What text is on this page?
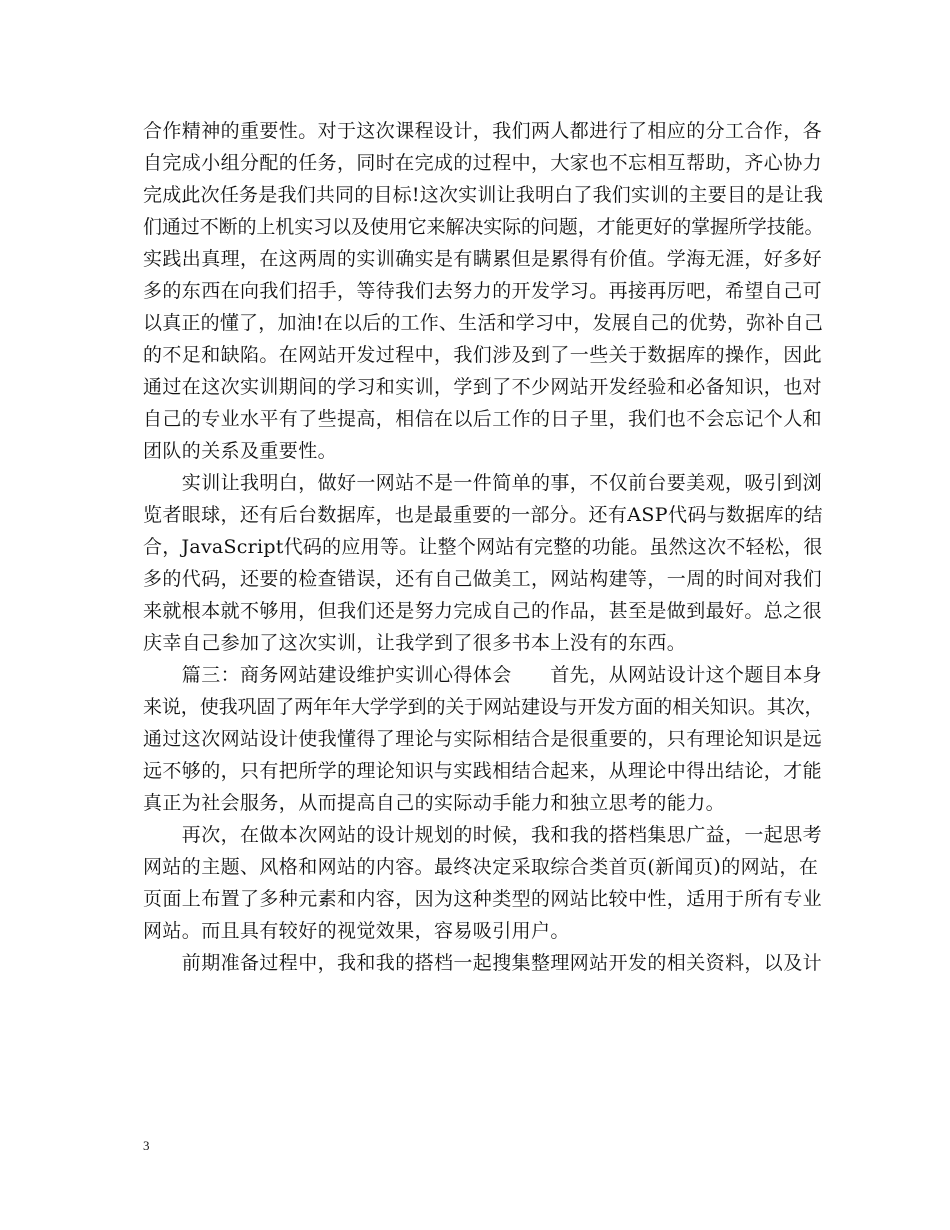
合作精神的重要性。对于这次课程设计，我们两人都进行了相应的分工合作，各
自完成小组分配的任务，同时在完成的过程中，大家也不忘相互帮助，齐心协力
完成此次任务是我们共同的目标!这次实训让我明白了我们实训的主要目的是让我
们通过不断的上机实习以及使用它来解决实际的问题，才能更好的掌握所学技能。
实践出真理，在这两周的实训确实是有瞒累但是累得有价值。学海无涯，好多好
多的东西在向我们招手，等待我们去努力的开发学习。再接再厉吧，希望自己可
以真正的懂了，加油!在以后的工作、生活和学习中，发展自己的优势，弥补自己
的不足和缺陷。在网站开发过程中，我们涉及到了一些关于数据库的操作，因此
通过在这次实训期间的学习和实训，学到了不少网站开发经验和必备知识，也对
自己的专业水平有了些提高，相信在以后工作的日子里，我们也不会忘记个人和
团队的关系及重要性。
　　实训让我明白，做好一网站不是一件简单的事，不仅前台要美观，吸引到浏
览者眼球，还有后台数据库，也是最重要的一部分。还有ASP代码与数据库的结
合，JavaScript代码的应用等。让整个网站有完整的功能。虽然这次不轻松，很
多的代码，还要的检查错误，还有自己做美工，网站构建等，一周的时间对我们
来就根本就不够用，但我们还是努力完成自己的作品，甚至是做到最好。总之很
庆幸自己参加了这次实训，让我学到了很多书本上没有的东西。
　　篇三：商务网站建设维护实训心得体会　　首先，从网站设计这个题目本身
来说，使我巩固了两年年大学学到的关于网站建设与开发方面的相关知识。其次，
通过这次网站设计使我懂得了理论与实际相结合是很重要的，只有理论知识是远
远不够的，只有把所学的理论知识与实践相结合起来，从理论中得出结论，才能
真正为社会服务，从而提高自己的实际动手能力和独立思考的能力。
　　再次，在做本次网站的设计规划的时候，我和我的搭档集思广益，一起思考
网站的主题、风格和网站的内容。最终决定采取综合类首页(新闻页)的网站，在
页面上布置了多种元素和内容，因为这种类型的网站比较中性，适用于所有专业
网站。而且具有较好的视觉效果，容易吸引用户。
　　前期准备过程中，我和我的搭档一起搜集整理网站开发的相关资料，以及计
3
